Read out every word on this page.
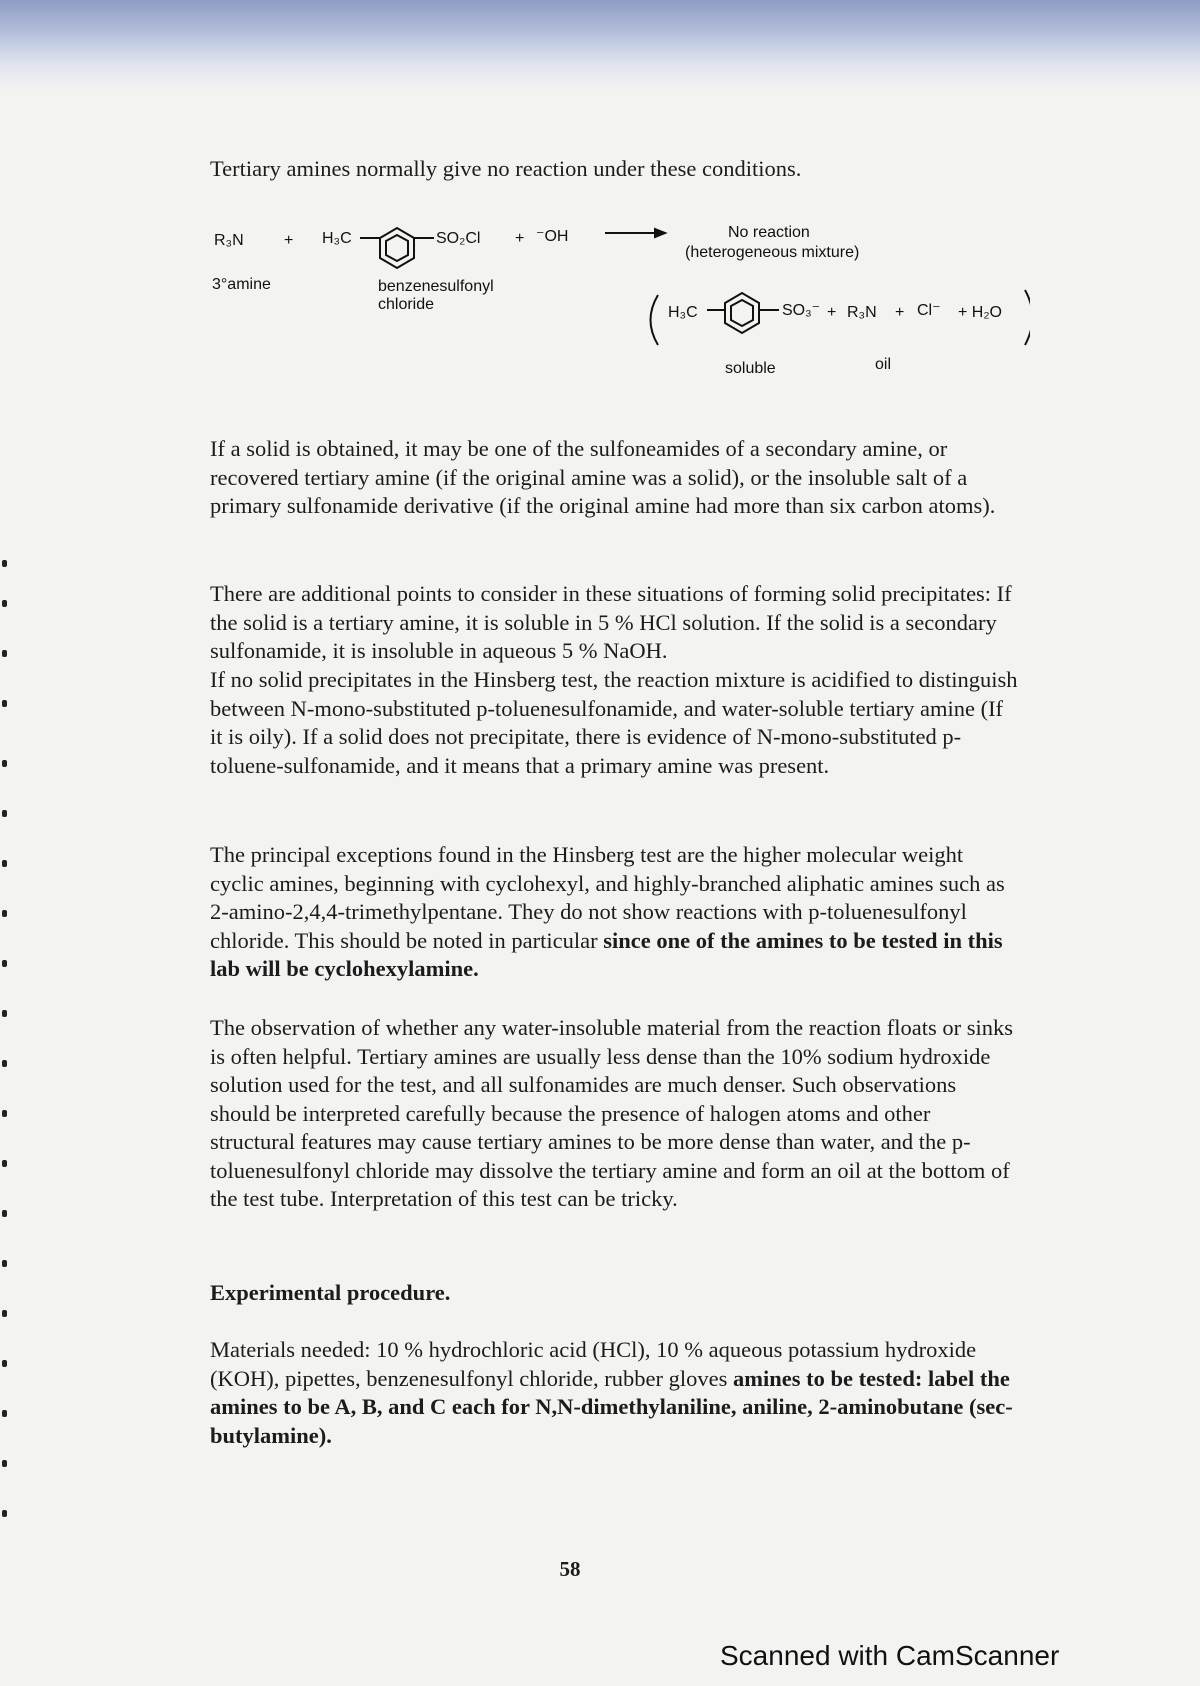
Tertiary amines normally give no reaction under these conditions.

R₃N	+ H₃C	SO₂Cl + ⁻OH	No reaction
(heterogeneous mixture)
3°amine	benzenesulfonyl
chloride	H₃C	SO₃⁻ + R₃N + Cl⁻ + H₂O
soluble	oil

If a solid is obtained, it may be one of the sulfoneamides of a secondary amine, or recovered tertiary amine (if the original amine was a solid), or the insoluble salt of a primary sulfonamide derivative (if the original amine had more than six carbon atoms).

There are additional points to consider in these situations of forming solid precipitates: If the solid is a tertiary amine, it is soluble in 5 % HCl solution. If the solid is a secondary sulfonamide, it is insoluble in aqueous 5 % NaOH.

If no solid precipitates in the Hinsberg test, the reaction mixture is acidified to distinguish between N-mono-substituted p-toluenesulfonamide, and water-soluble tertiary amine (If it is oily). If a solid does not precipitate, there is evidence of N-mono-substituted p-toluene-sulfonamide, and it means that a primary amine was present.

The principal exceptions found in the Hinsberg test are the higher molecular weight cyclic amines, beginning with cyclohexyl, and highly-branched aliphatic amines such as 2-amino-2,4,4-trimethylpentane. They do not show reactions with p-toluenesulfonyl chloride. This should be noted in particular since one of the amines to be tested in this lab will be cyclohexylamine.

The observation of whether any water-insoluble material from the reaction floats or sinks is often helpful. Tertiary amines are usually less dense than the 10% sodium hydroxide solution used for the test, and all sulfonamides are much denser. Such observations should be interpreted carefully because the presence of halogen atoms and other structural features may cause tertiary amines to be more dense than water, and the p-toluenesulfonyl chloride may dissolve the tertiary amine and form an oil at the bottom of the test tube. Interpretation of this test can be tricky.

Experimental procedure.

Materials needed: 10 % hydrochloric acid (HCl), 10 % aqueous potassium hydroxide (KOH), pipettes, benzenesulfonyl chloride, rubber gloves amines to be tested: label the amines to be A, B, and C each for N,N-dimethylaniline, aniline, 2-aminobutane (sec-butylamine).

58
Scanned with CamScanner
